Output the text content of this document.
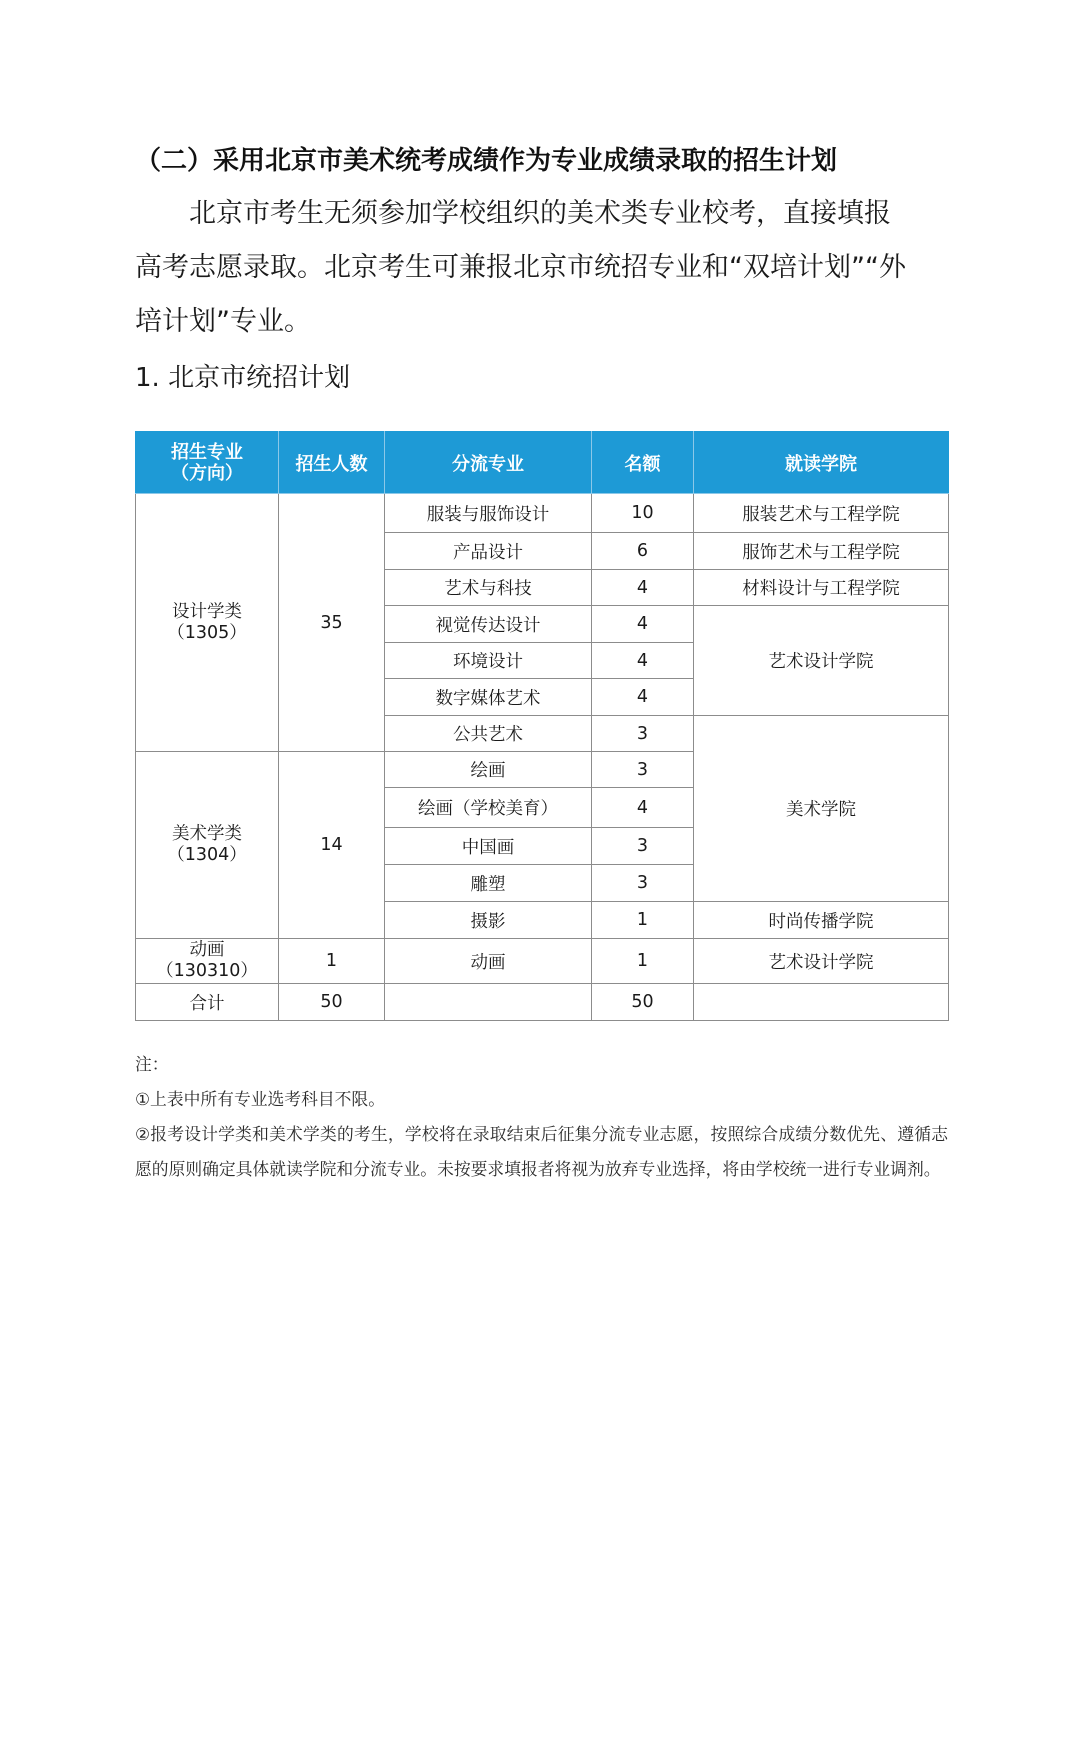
（二）采用北京市美术统考成绩作为专业成绩录取的招生计划
北京市考生无须参加学校组织的美术类专业校考，直接填报
高考志愿录取。北京考生可兼报北京市统招专业和“双培计划”“外
培计划”专业。
1. 北京市统招计划
招生专业
（方向）	招生人数	分流专业	名额	就读学院

设计学类
（1305）	35	服装与服饰设计	10	服装艺术与工程学院
		产品设计	6	服饰艺术与工程学院
		艺术与科技	4	材料设计与工程学院
		视觉传达设计	4	艺术设计学院
		环境设计	4	
		数字媒体艺术	4	
		公共艺术	3	美术学院

美术学类
（1304）	14	绘画	3	
		绘画（学校美育）	4	
		中国画	3	
		雕塑	3	
		摄影	1	时尚传播学院

动画
（130310）	1	动画	1	艺术设计学院
合计	50		50	

注：

①上表中所有专业选考科目不限。

②报考设计学类和美术学类的考生，学校将在录取结束后征集分流专业志愿，按照综合成绩分数优先、遵循志愿的原则确定具体就读学院和分流专业。未按要求填报者将视为放弃专业选择，将由学校统一进行专业调剂。
